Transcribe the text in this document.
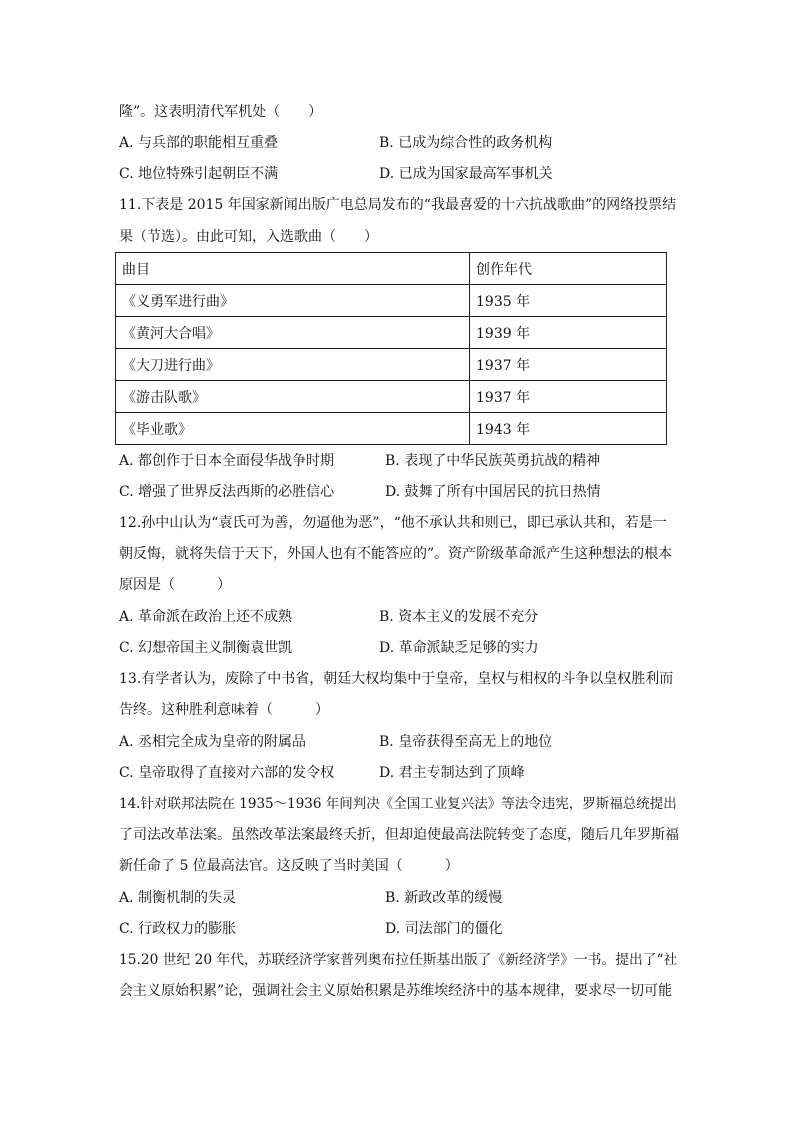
隆”。这表明清代军机处（　　）
A. 与兵部的职能相互重叠	B. 已成为综合性的政务机构
C. 地位特殊引起朝臣不满	D. 已成为国家最高军事机关
11.下表是 2015 年国家新闻出版广电总局发布的“我最喜爱的十六抗战歌曲”的网络投票结
果（节选）。由此可知，入选歌曲（　　）
曲目	创作年代
《义勇军进行曲》	1935 年
《黄河大合唱》	1939 年
《大刀进行曲》	1937 年
《游击队歌》	1937 年
《毕业歌》	1943 年
A. 都创作于日本全面侵华战争时期	B. 表现了中华民族英勇抗战的精神
C. 增强了世界反法西斯的必胜信心	D. 鼓舞了所有中国居民的抗日热情
12.孙中山认为“袁氏可为善，勿逼他为恶”，“他不承认共和则已，即已承认共和，若是一
朝反悔，就将失信于天下，外国人也有不能答应的”。资产阶级革命派产生这种想法的根本
原因是（　　　）
A. 革命派在政治上还不成熟	B. 资本主义的发展不充分
C. 幻想帝国主义制衡袁世凯	D. 革命派缺乏足够的实力
13.有学者认为，废除了中书省，朝廷大权均集中于皇帝，皇权与相权的斗争以皇权胜利而
告终。这种胜利意味着（　　　）
A. 丞相完全成为皇帝的附属品	B. 皇帝获得至高无上的地位
C. 皇帝取得了直接对六部的发令权	D. 君主专制达到了顶峰
14.针对联邦法院在 1935～1936 年间判决《全国工业复兴法》等法令违宪，罗斯福总统提出
了司法改革法案。虽然改革法案最终夭折，但却迫使最高法院转变了态度，随后几年罗斯福
新任命了 5 位最高法官。这反映了当时美国（　　　）
A. 制衡机制的失灵	B. 新政改革的缓慢
C. 行政权力的膨胀	D. 司法部门的僵化
15.20 世纪 20 年代，苏联经济学家普列奥布拉任斯基出版了《新经济学》一书。提出了“社
会主义原始积累”论，强调社会主义原始积累是苏维埃经济中的基本规律，要求尽一切可能
